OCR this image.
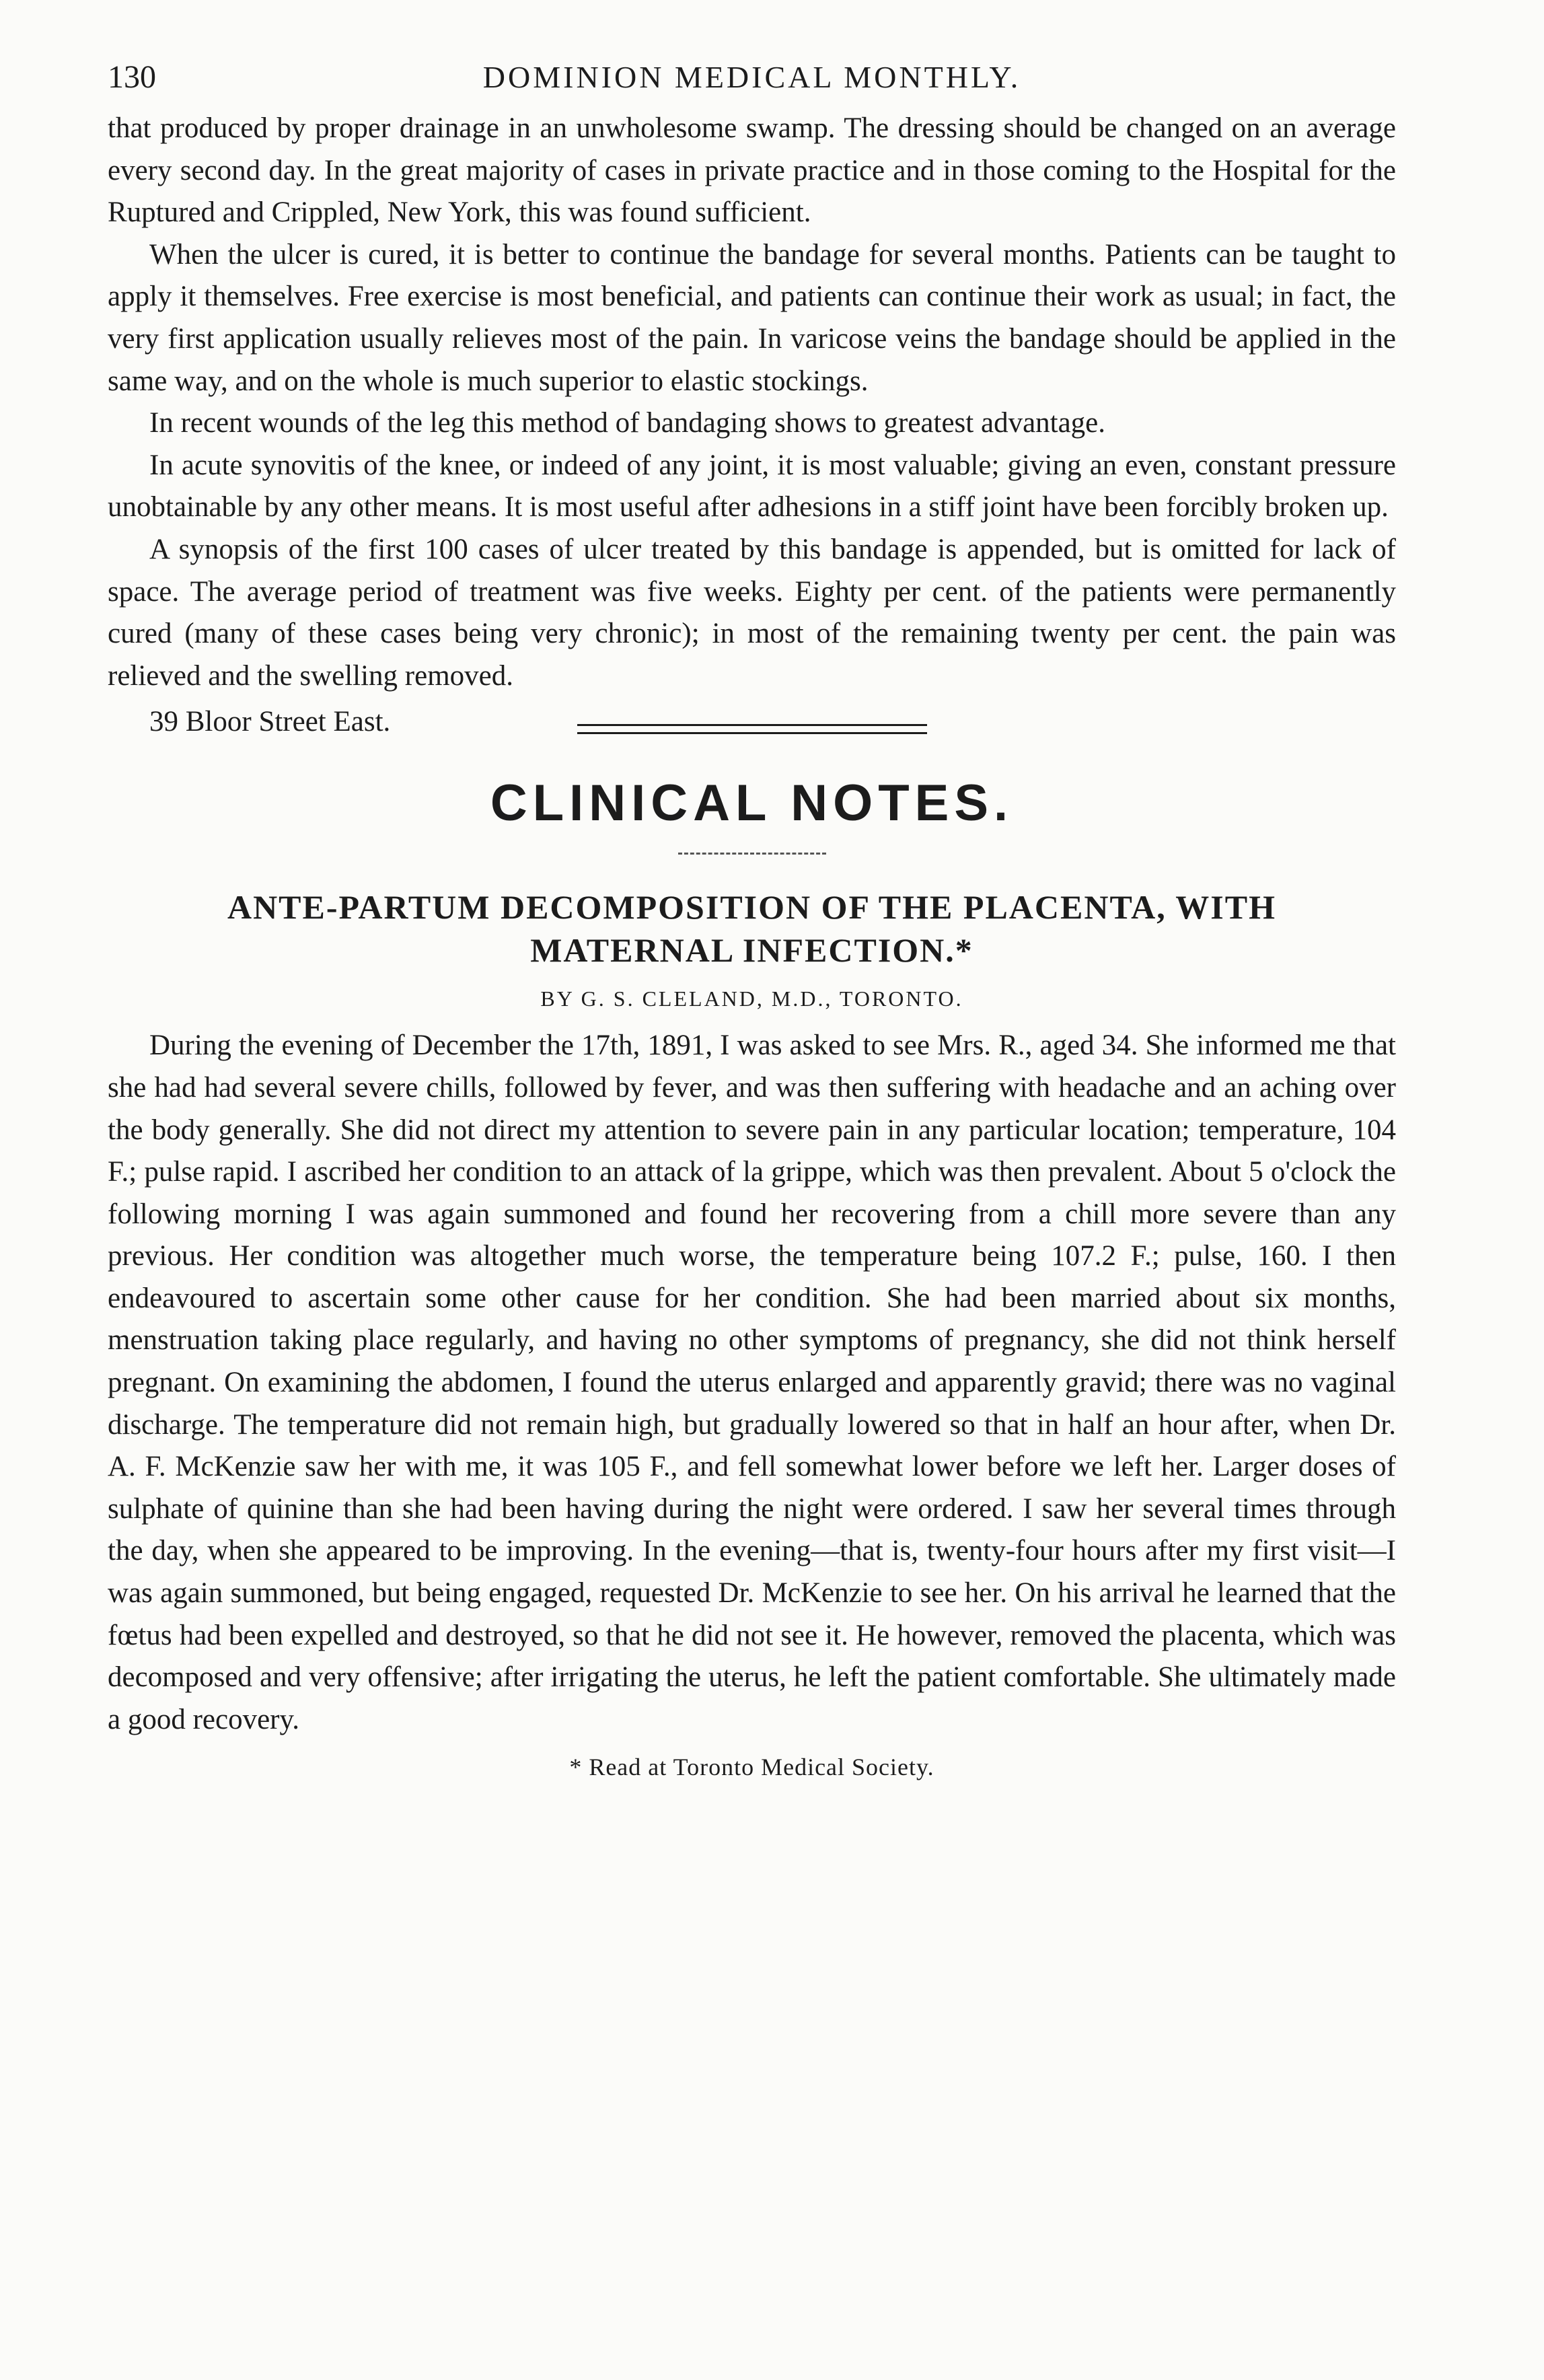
130	DOMINION MEDICAL MONTHLY.

that produced by proper drainage in an unwholesome swamp. The dressing should be changed on an average every second day. In the great majority of cases in private practice and in those coming to the Hospital for the Ruptured and Crippled, New York, this was found sufficient.

When the ulcer is cured, it is better to continue the bandage for several months. Patients can be taught to apply it themselves. Free exercise is most beneficial, and patients can continue their work as usual; in fact, the very first application usually relieves most of the pain. In varicose veins the bandage should be applied in the same way, and on the whole is much superior to elastic stockings.

In recent wounds of the leg this method of bandaging shows to greatest advantage.

In acute synovitis of the knee, or indeed of any joint, it is most valuable; giving an even, constant pressure unobtainable by any other means. It is most useful after adhesions in a stiff joint have been forcibly broken up.

A synopsis of the first 100 cases of ulcer treated by this bandage is appended, but is omitted for lack of space. The average period of treatment was five weeks. Eighty per cent. of the patients were permanently cured (many of these cases being very chronic); in most of the remaining twenty per cent. the pain was relieved and the swelling removed.

39 Bloor Street East.
CLINICAL NOTES.
ANTE-PARTUM DECOMPOSITION OF THE PLACENTA, WITH MATERNAL INFECTION.*
BY G. S. CLELAND, M.D., TORONTO.

During the evening of December the 17th, 1891, I was asked to see Mrs. R., aged 34. She informed me that she had had several severe chills, followed by fever, and was then suffering with headache and an aching over the body generally. She did not direct my attention to severe pain in any particular location; temperature, 104 F.; pulse rapid. I ascribed her condition to an attack of la grippe, which was then prevalent. About 5 o'clock the following morning I was again summoned and found her recovering from a chill more severe than any previous. Her condition was altogether much worse, the temperature being 107.2 F.; pulse, 160. I then endeavoured to ascertain some other cause for her condition. She had been married about six months, menstruation taking place regularly, and having no other symptoms of pregnancy, she did not think herself pregnant. On examining the abdomen, I found the uterus enlarged and apparently gravid; there was no vaginal discharge. The temperature did not remain high, but gradually lowered so that in half an hour after, when Dr. A. F. McKenzie saw her with me, it was 105 F., and fell somewhat lower before we left her. Larger doses of sulphate of quinine than she had been having during the night were ordered. I saw her several times through the day, when she appeared to be improving. In the evening—that is, twenty-four hours after my first visit—I was again summoned, but being engaged, requested Dr. McKenzie to see her. On his arrival he learned that the fœtus had been expelled and destroyed, so that he did not see it. He however, removed the placenta, which was decomposed and very offensive; after irrigating the uterus, he left the patient comfortable. She ultimately made a good recovery.

* Read at Toronto Medical Society.
